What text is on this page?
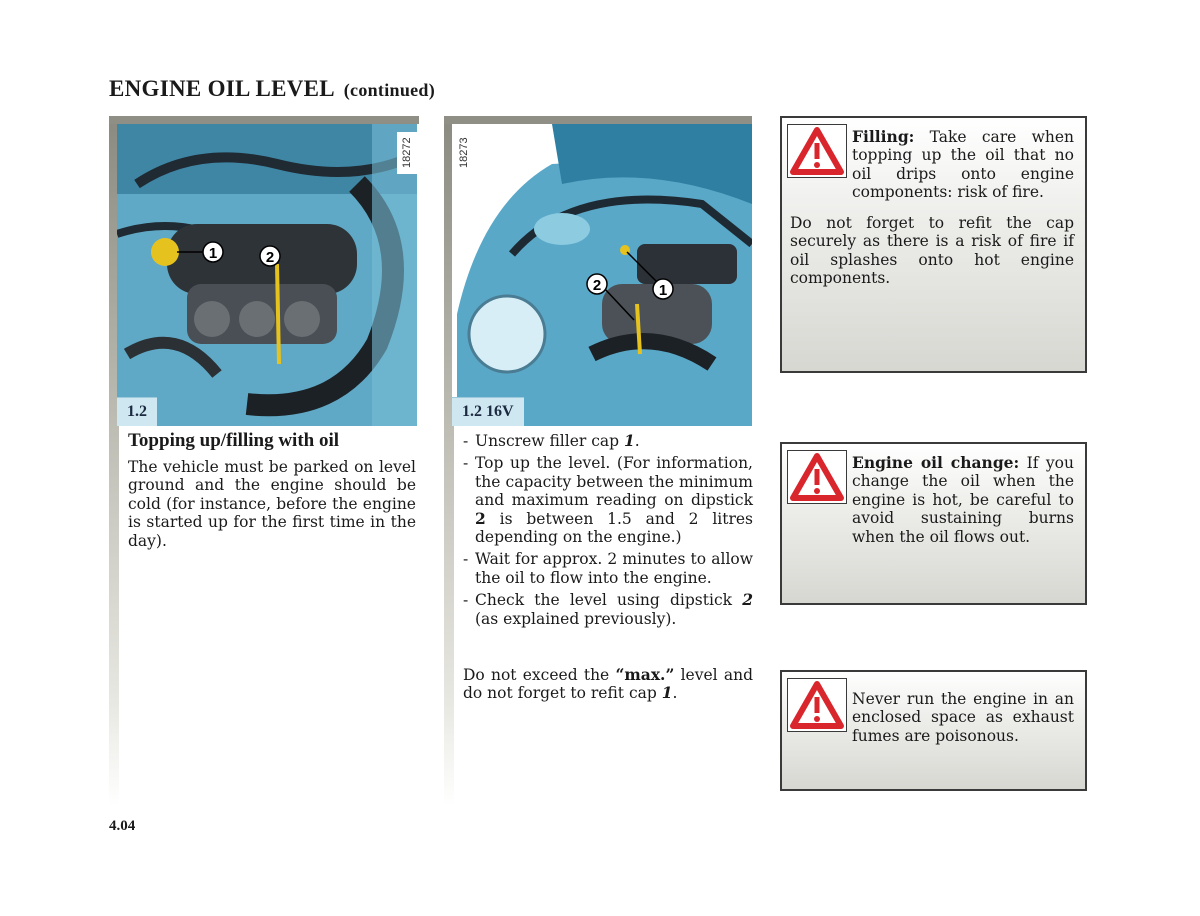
ENGINE OIL LEVEL (continued)
1	2
18272
1.2
2	1
18273
1.2 16V
Topping up/filling with oil
The vehicle must be parked on level ground and the engine should be cold (for instance, before the engine is started up for the first time in the day).
- Unscrew filler cap 1.
- Top up the level. (For information, the capacity between the minimum and maximum reading on dipstick 2 is between 1.5 and 2 litres depending on the engine.)
- Wait for approx. 2 minutes to allow the oil to flow into the engine.
- Check the level using dipstick 2 (as explained previously).
Do not exceed the “max.” level and do not forget to refit cap 1.
Filling: Take care when topping up the oil that no oil drips onto engine components: risk of fire.
Do not forget to refit the cap securely as there is a risk of fire if oil splashes onto hot engine components.
Engine oil change: If you change the oil when the engine is hot, be careful to avoid sustaining burns when the oil flows out.
Never run the engine in an enclosed space as exhaust fumes are poisonous.
4.04
